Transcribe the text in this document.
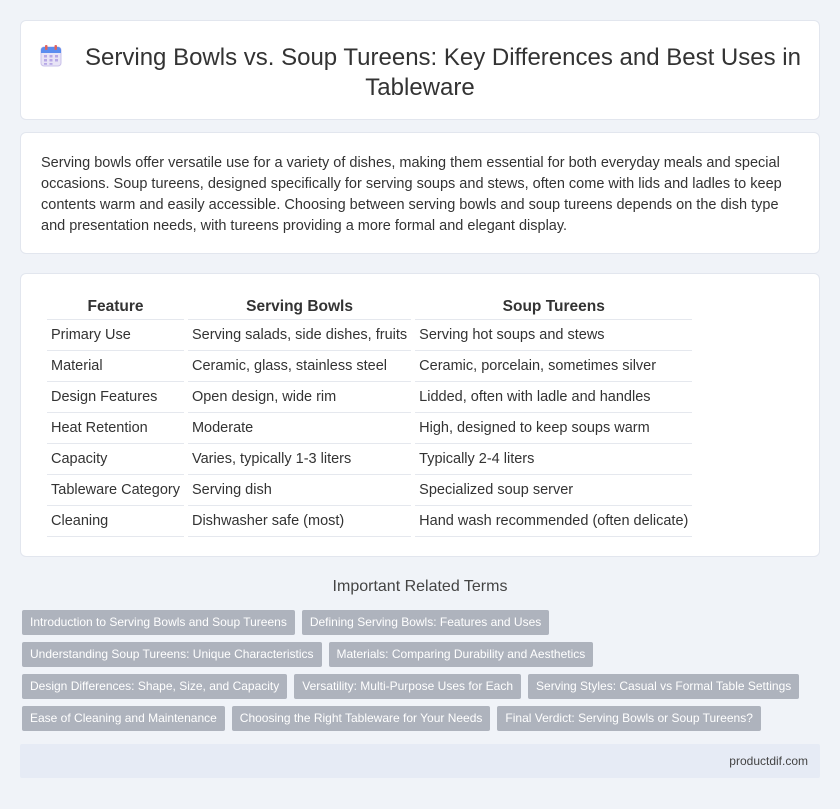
Serving Bowls vs. Soup Tureens: Key Differences and Best Uses in Tableware

Serving bowls offer versatile use for a variety of dishes, making them essential for both everyday meals and special occasions. Soup tureens, designed specifically for serving soups and stews, often come with lids and ladles to keep contents warm and easily accessible. Choosing between serving bowls and soup tureens depends on the dish type and presentation needs, with tureens providing a more formal and elegant display.

Feature	Serving Bowls	Soup Tureens
Primary Use	Serving salads, side dishes, fruits	Serving hot soups and stews
Material	Ceramic, glass, stainless steel	Ceramic, porcelain, sometimes silver
Design Features	Open design, wide rim	Lidded, often with ladle and handles
Heat Retention	Moderate	High, designed to keep soups warm
Capacity	Varies, typically 1-3 liters	Typically 2-4 liters
Tableware Category	Serving dish	Specialized soup server
Cleaning	Dishwasher safe (most)	Hand wash recommended (often delicate)
Important Related Terms
Introduction to Serving Bowls and Soup Tureens	Defining Serving Bowls: Features and Uses
Understanding Soup Tureens: Unique Characteristics	Materials: Comparing Durability and Aesthetics
Design Differences: Shape, Size, and Capacity	Versatility: Multi-Purpose Uses for Each	Serving Styles: Casual vs Formal Table Settings
Ease of Cleaning and Maintenance	Choosing the Right Tableware for Your Needs	Final Verdict: Serving Bowls or Soup Tureens?
productdif.com
